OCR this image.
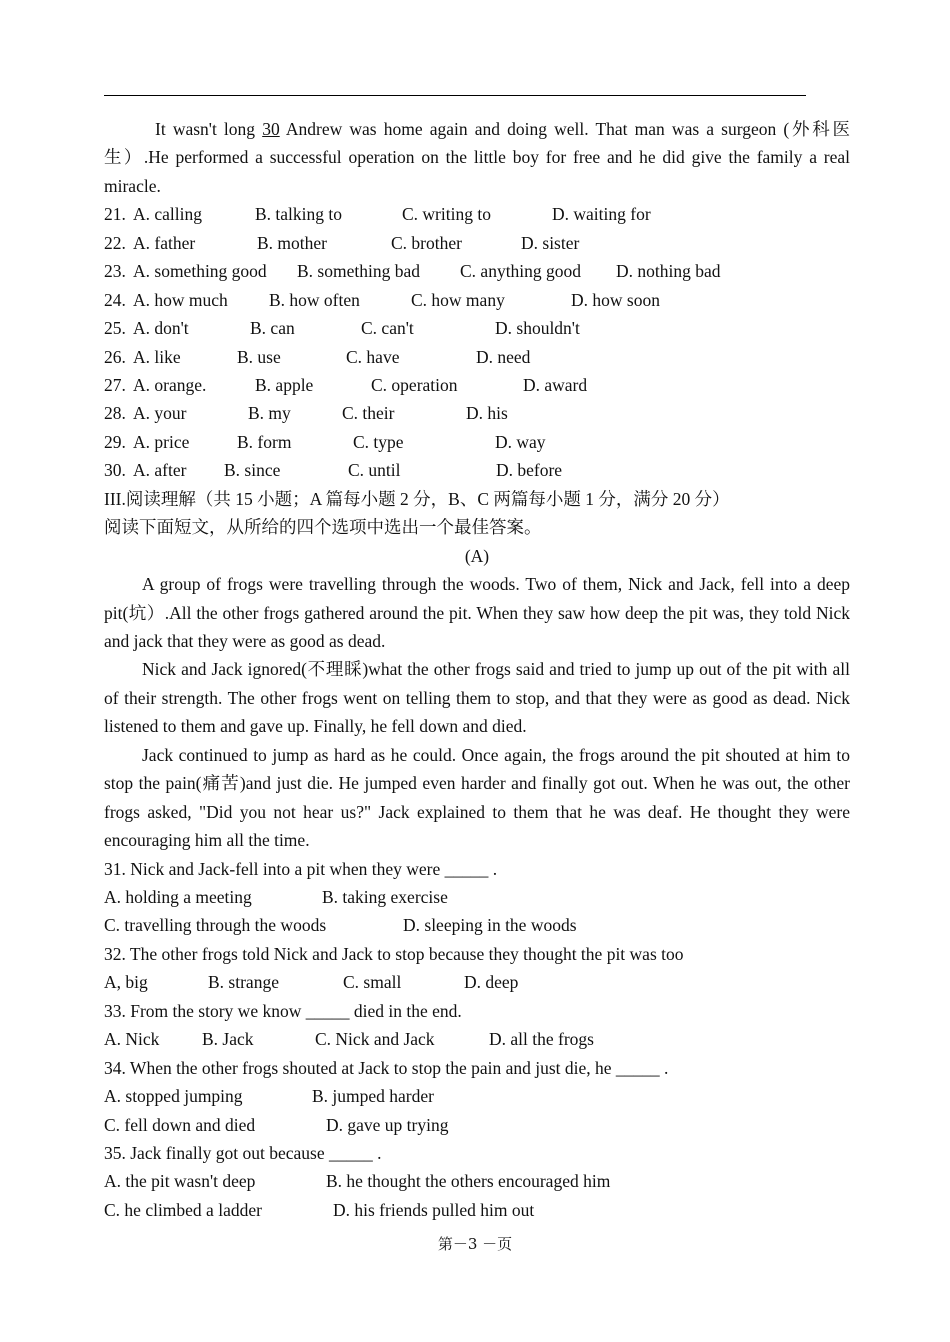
It wasn't long 30 Andrew was home again and doing well. That man was a surgeon (外科医生）.He performed a successful operation on the little boy for free and he did give the family a real miracle.
21. A. calling	B. talking to	C. writing to	D. waiting for
22. A. father	B. mother	C. brother	D. sister
23. A. something good B. something bad C. anything good D. nothing bad
24. A. how much B. how often	C. how many	D. how soon
25. A. don't	B. can	C. can't	D. shouldn't
26. A. like	B. use	C. have	D. need
27. A. orange.	B. apple	C. operation	D. award
28. A. your	B. my	C. their	D. his
29. A. price	B. form	C. type	D. way
30. A. after B. since	C. until	D. before
III.阅读理解（共 15 小题；A 篇每小题 2 分，B、C 两篇每小题 1 分，满分 20 分）
阅读下面短文，从所给的四个选项中选出一个最佳答案。
(A)
A group of frogs were travelling through the woods. Two of them, Nick and Jack, fell into a deep pit(坑）.All the other frogs gathered around the pit. When they saw how deep the pit was, they told Nick and jack that they were as good as dead.
Nick and Jack ignored(不理睬)what the other frogs said and tried to jump up out of the pit with all of their strength. The other frogs went on telling them to stop, and that they were as good as dead. Nick listened to them and gave up. Finally, he fell down and died.
Jack continued to jump as hard as he could. Once again, the frogs around the pit shouted at him to stop the pain(痛苦)and just die. He jumped even harder and finally got out. When he was out, the other frogs asked, "Did you not hear us?" Jack explained to them that he was deaf. He thought they were encouraging him all the time.
31. Nick and Jack-fell into a pit when they were _____ .
A. holding a meeting	B. taking exercise
C. travelling through the woods	D. sleeping in the woods
32. The other frogs told Nick and Jack to stop because they thought the pit was too
A, big	B. strange	C. small	D. deep
33. From the story we know _____ died in the end.
A. Nick B. Jack	C. Nick and Jack	D. all the frogs
34. When the other frogs shouted at Jack to stop the pain and just die, he _____ .
A. stopped jumping	B. jumped harder
C. fell down and died	D. gave up trying
35. Jack finally got out because _____ .
A. the pit wasn't deep	B. he thought the others encouraged him
C. he climbed a ladder	D. his friends pulled him out
第－3 －页
